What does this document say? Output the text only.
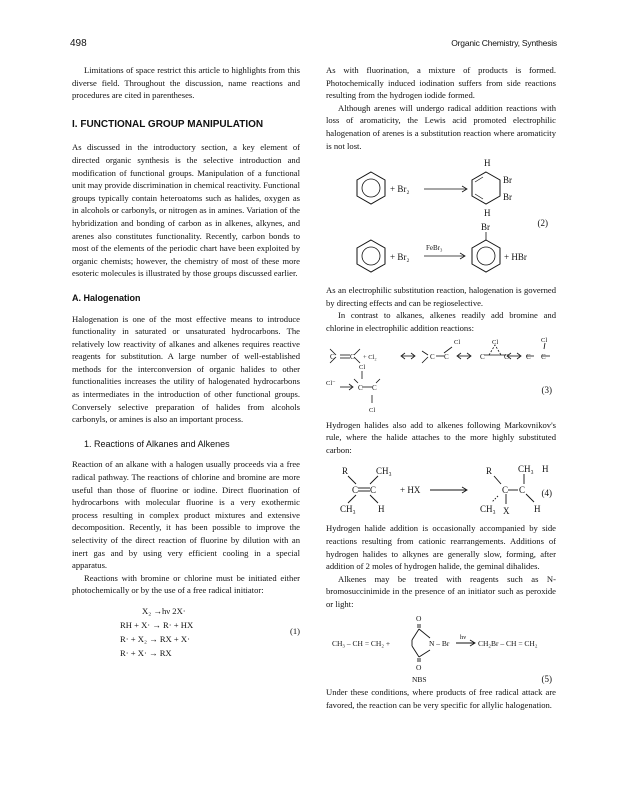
498	Organic Chemistry, Synthesis

Limitations of space restrict this article to highlights from this diverse field. Throughout the discussion, name reactions and procedures are cited in parentheses.

I. FUNCTIONAL GROUP MANIPULATION

As discussed in the introductory section, a key element of directed organic synthesis is the selective introduction and modification of functional groups. Manipulation of a functional unit may provide discrimination in chemical reactivity. Functional groups typically contain heteroatoms such as halides, oxygen as in alcohols or carbonyls, or nitrogen as in amines. Variation of the hybridization and bonding of carbon as in alkenes, alkynes, and arenes also constitutes functionality. Recently, carbon bonds to most of the elements of the periodic chart have been exploited by organic chemists; however, the chemistry of most of these more esoteric molecules is illustrated by those groups discussed earlier.

A. Halogenation

Halogenation is one of the most effective means to introduce functionality in saturated or unsaturated hydrocarbons. The relatively low reactivity of alkanes and alkenes requires reactive reagents for substitution. A large number of well-established methods for the interconversion of organic halides to other functionalities increases the utility of halogenated hydrocarbons as intermediates in the introduction of other functional groups. Conversely selective preparation of halides from alcohols carbonyls, or amines is also an important process.

1. Reactions of Alkanes and Alkenes

Reaction of an alkane with a halogen usually proceeds via a free radical pathway. The reactions of chlorine and bromine are more useful than those of fluorine or iodine. Direct fluorination of hydrocarbons with molecular fluorine is a very exothermic process resulting in complex product mixtures and extensive decomposition. Recently, it has been possible to improve the selectivity of the direct reaction of fluorine by dilution with an inert gas and by using very efficient cooling in a special apparatus.

Reactions with bromine or chlorine must be initiated either photochemically or by the use of a free radical initiator:

X₂ →hν 2X·
RH + X· → R· + HX
R· + X₂ → RX + X·
R· + X· → RX
(1)

As with fluorination, a mixture of products is formed. Photochemically induced iodination suffers from side reactions resulting from the hydrogen iodide formed.

Although arenes will undergo radical addition reactions with loss of aromaticity, the Lewis acid promoted electrophilic halogenation of arenes is a substitution reaction where aromaticity is not lost.

+ Br₂
H
Br
Br
H
(2)
+ Br₂
FeBr₃
Br
+ HBr

As an electrophilic substitution reaction, halogenation is governed by directing effects and can be regioselective.

In contrast to alkanes, alkenes readily add bromine and chlorine in electrophilic addition reactions:

C C + Cl₂	C C
Cl
C	C
Cl
C C
Cl
Cl⁻
C C
Cl
Cl
(3)

Hydrogen halides also add to alkenes following Markovnikov's rule, where the halide attaches to the more highly substituted carbon:

R	CH₃
C C
CH₃ H
+ HX
R	CH₃ H
C C
CH₃ X	H
(4)

Hydrogen halide addition is occasionally accompanied by side reactions resulting from cationic rearrangements. Additions of hydrogen halides to alkynes are generally slow, forming, after addition of 2 moles of hydrogen halide, the geminal dihalides.

Alkenes may be treated with reagents such as N-bromosuccinimide in the presence of an initiator such as peroxide or light:

CH₃ – CH = CH₂ +
O
N – Br
O
hν
CH₂Br – CH = CH₂
NBS	(5)

Under these conditions, where products of free radical attack are favored, the reaction can be very specific for allylic halogenation.
